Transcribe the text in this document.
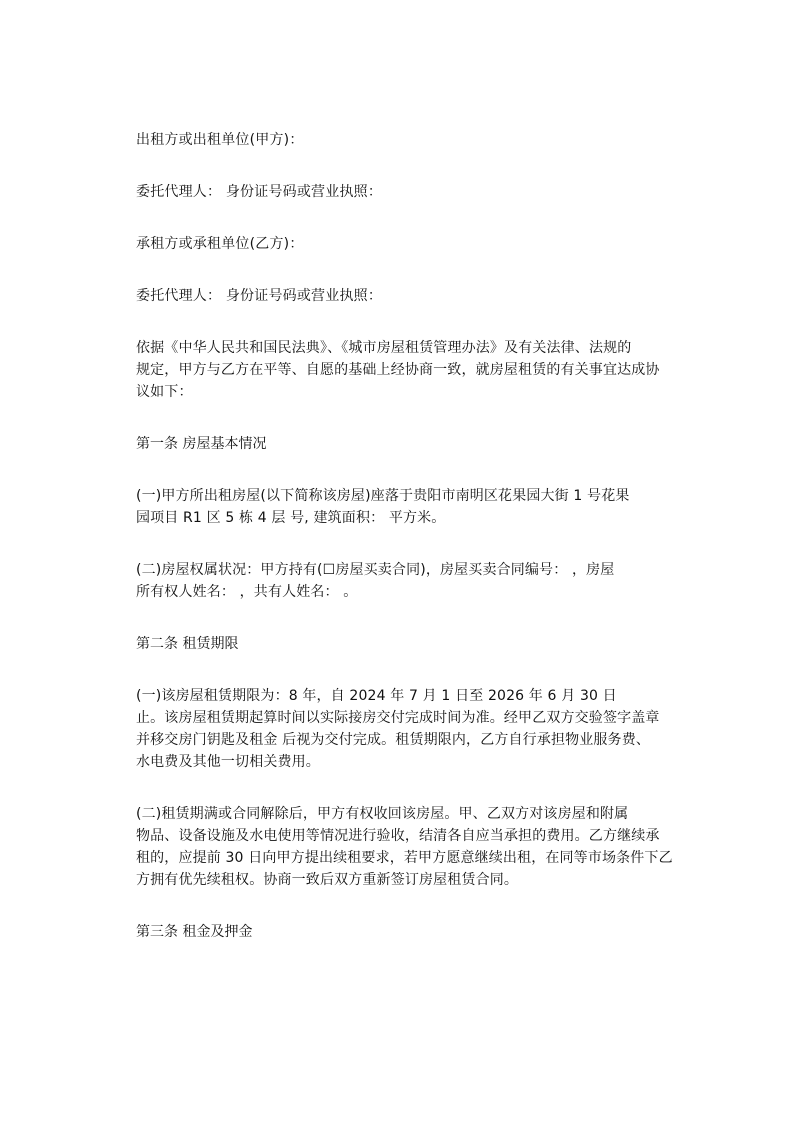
出租方或出租单位(甲方)：
委托代理人： 身份证号码或营业执照：
承租方或承租单位(乙方)：
委托代理人： 身份证号码或营业执照：
依据《中华人民共和国民法典》、《城市房屋租赁管理办法》及有关法律、法规的
规定，甲方与乙方在平等、自愿的基础上经协商一致，就房屋租赁的有关事宜达成协
议如下：
第一条 房屋基本情况
(一)甲方所出租房屋(以下简称该房屋)座落于贵阳市南明区花果园大街 1 号花果
园项目 R1 区 5 栋 4 层 号, 建筑面积： 平方米。
(二)房屋权属状况：甲方持有(☐房屋买卖合同)，房屋买卖合同编号： ，房屋
所有权人姓名： ，共有人姓名： 。
第二条 租赁期限
(一)该房屋租赁期限为：8 年，自 2024 年 7 月 1 日至 2026 年 6 月 30 日
止。该房屋租赁期起算时间以实际接房交付完成时间为准。经甲乙双方交验签字盖章
并移交房门钥匙及租金 后视为交付完成。租赁期限内，乙方自行承担物业服务费、
水电费及其他一切相关费用。
(二)租赁期满或合同解除后，甲方有权收回该房屋。甲、乙双方对该房屋和附属
物品、设备设施及水电使用等情况进行验收，结清各自应当承担的费用。乙方继续承
租的，应提前 30 日向甲方提出续租要求，若甲方愿意继续出租，在同等市场条件下乙
方拥有优先续租权。协商一致后双方重新签订房屋租赁合同。
第三条 租金及押金
